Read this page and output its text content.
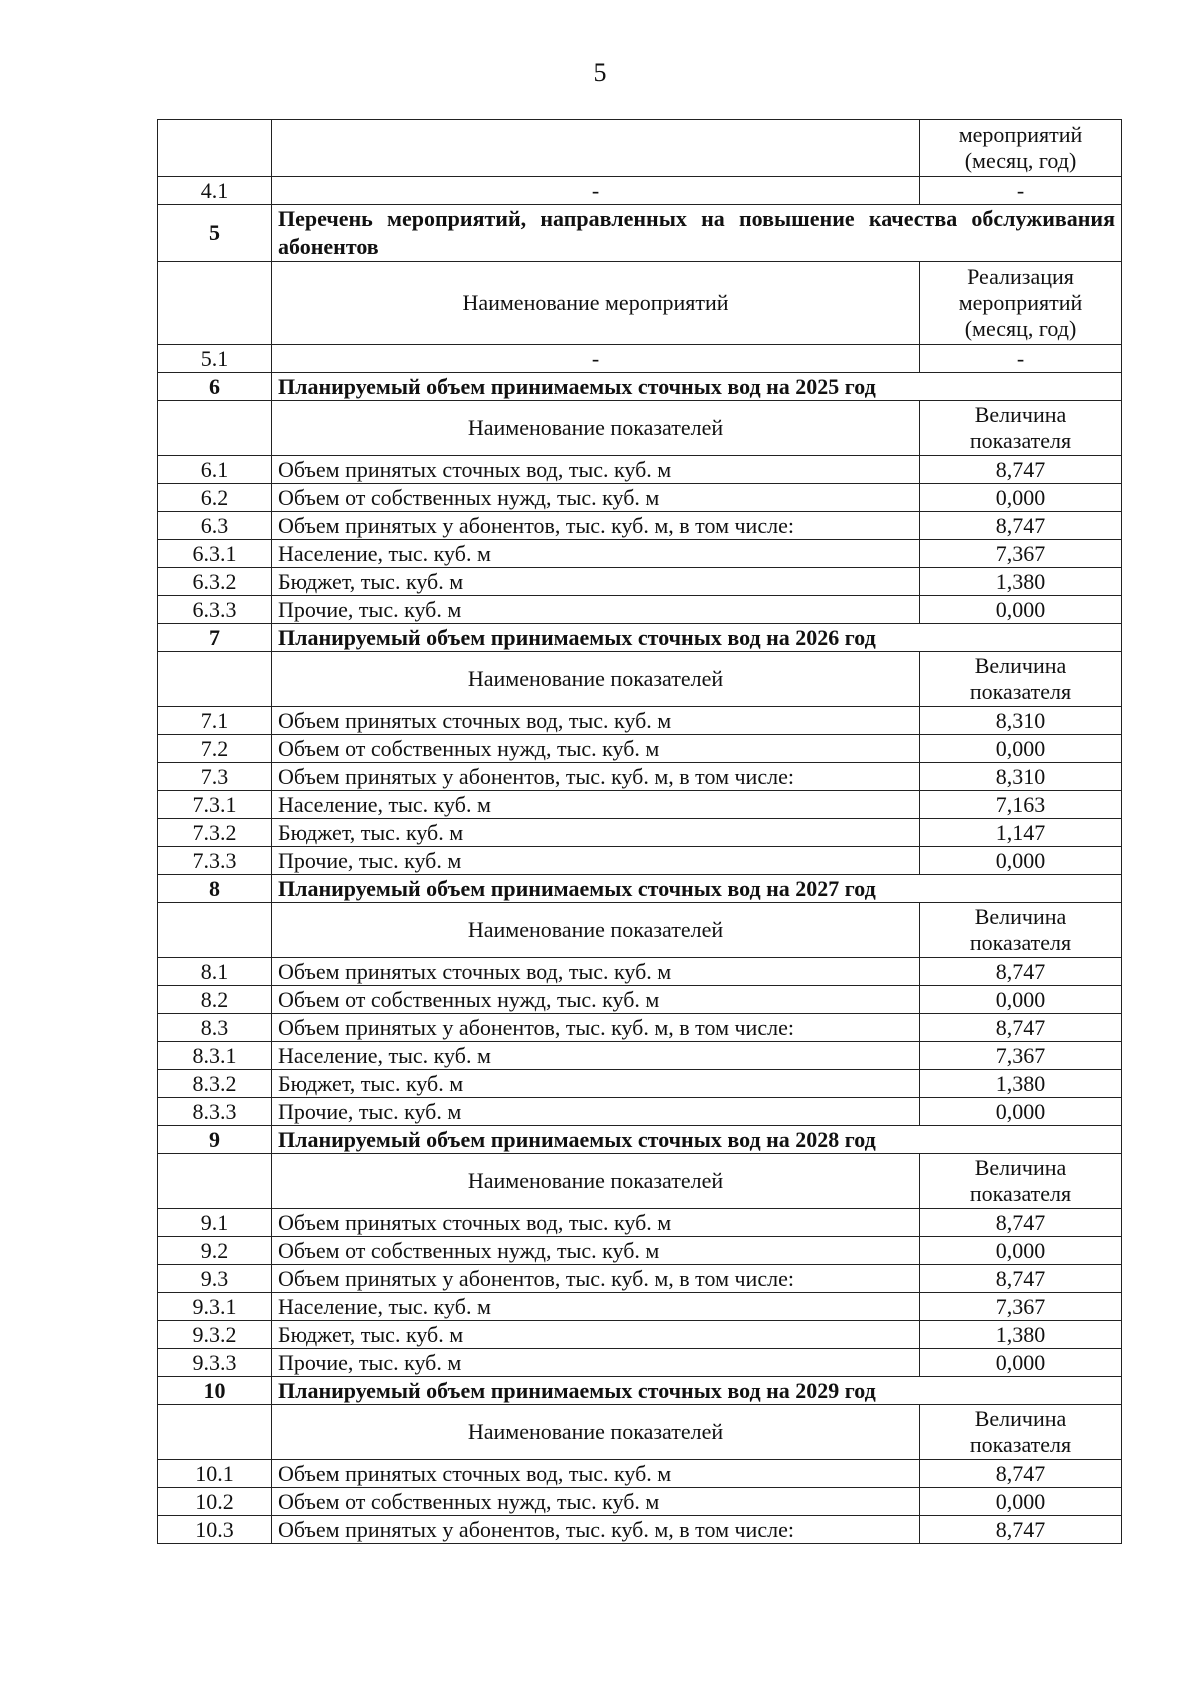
5
		мероприятий
(месяц, год)
4.1	-	-
5	Перечень мероприятий, направленных на повышение качества обслуживания абонентов	
	Наименование мероприятий	Реализация
мероприятий
(месяц, год)
5.1	-	-
6	Планируемый объем принимаемых сточных вод на 2025 год	
	Наименование показателей	Величина
показателя
6.1	Объем принятых сточных вод, тыс. куб. м	8,747
6.2	Объем от собственных нужд, тыс. куб. м	0,000
6.3	Объем принятых у абонентов, тыс. куб. м, в том числе:	8,747
6.3.1	Население, тыс. куб. м	7,367
6.3.2	Бюджет, тыс. куб. м	1,380
6.3.3	Прочие, тыс. куб. м	0,000
7	Планируемый объем принимаемых сточных вод на 2026 год	
	Наименование показателей	Величина
показателя
7.1	Объем принятых сточных вод, тыс. куб. м	8,310
7.2	Объем от собственных нужд, тыс. куб. м	0,000
7.3	Объем принятых у абонентов, тыс. куб. м, в том числе:	8,310
7.3.1	Население, тыс. куб. м	7,163
7.3.2	Бюджет, тыс. куб. м	1,147
7.3.3	Прочие, тыс. куб. м	0,000
8	Планируемый объем принимаемых сточных вод на 2027 год	
	Наименование показателей	Величина
показателя
8.1	Объем принятых сточных вод, тыс. куб. м	8,747
8.2	Объем от собственных нужд, тыс. куб. м	0,000
8.3	Объем принятых у абонентов, тыс. куб. м, в том числе:	8,747
8.3.1	Население, тыс. куб. м	7,367
8.3.2	Бюджет, тыс. куб. м	1,380
8.3.3	Прочие, тыс. куб. м	0,000
9	Планируемый объем принимаемых сточных вод на 2028 год	
	Наименование показателей	Величина
показателя
9.1	Объем принятых сточных вод, тыс. куб. м	8,747
9.2	Объем от собственных нужд, тыс. куб. м	0,000
9.3	Объем принятых у абонентов, тыс. куб. м, в том числе:	8,747
9.3.1	Население, тыс. куб. м	7,367
9.3.2	Бюджет, тыс. куб. м	1,380
9.3.3	Прочие, тыс. куб. м	0,000
10	Планируемый объем принимаемых сточных вод на 2029 год	
	Наименование показателей	Величина
показателя
10.1	Объем принятых сточных вод, тыс. куб. м	8,747
10.2	Объем от собственных нужд, тыс. куб. м	0,000
10.3	Объем принятых у абонентов, тыс. куб. м, в том числе:	8,747
